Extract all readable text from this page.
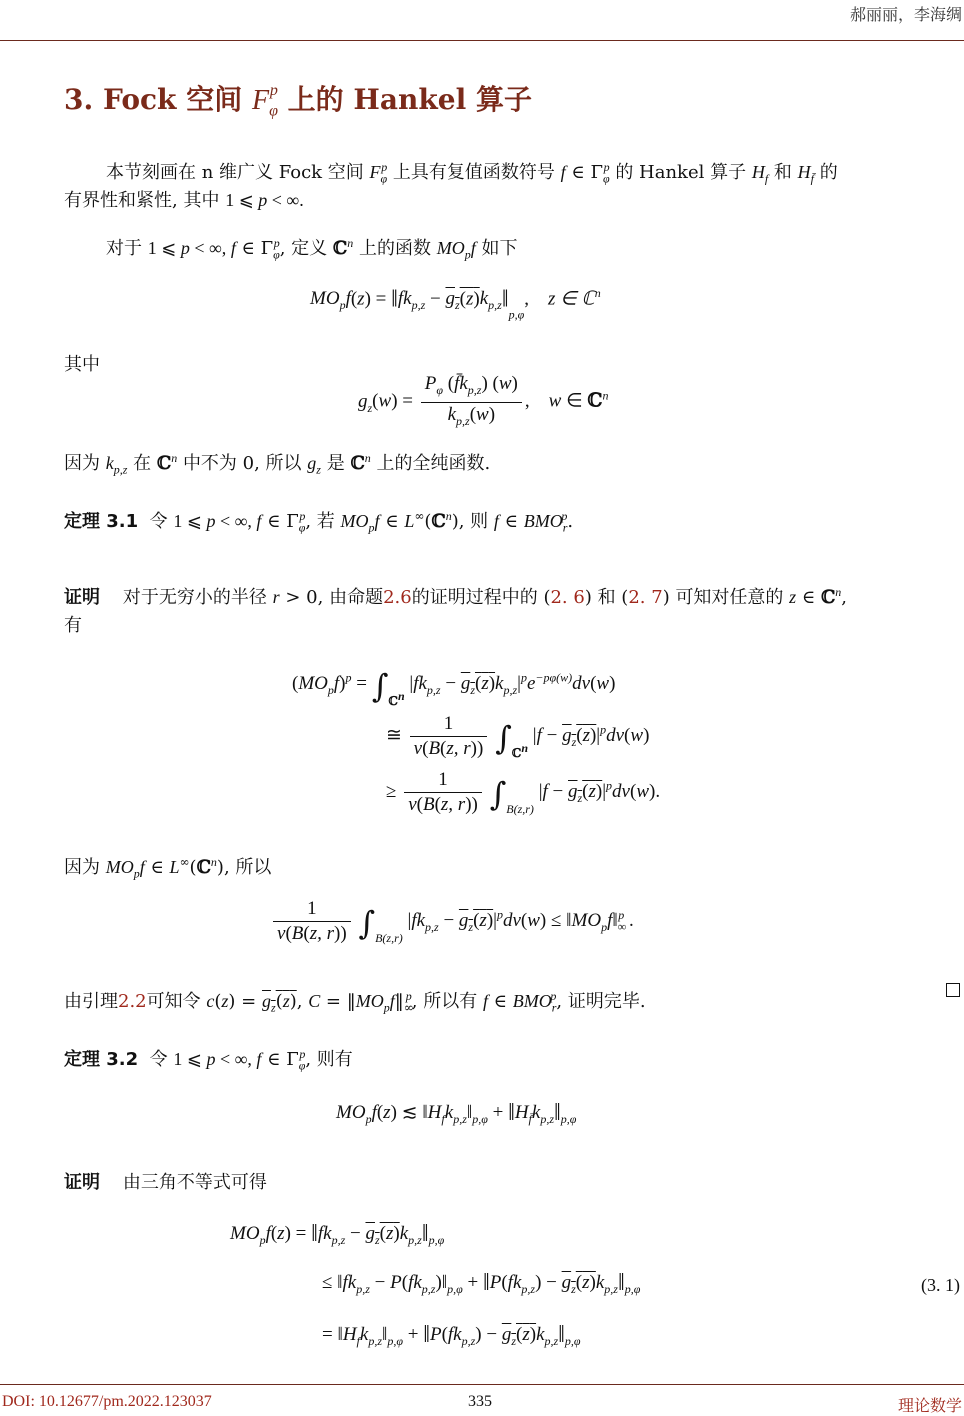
郝丽丽，李海绸
3. Fock 空间 $F_\varphi^p$ 上的 Hankel 算子
本节刻画在 n 维广义 Fock 空间 $F_\varphi^p$ 上具有复值函数符号 f ∈ $\Gamma_\varphi^p$ 的 Hankel 算子 $H_f$ 和 $H_{f̄}$ 的
有界性和紧性, 其中 1 ⩽ p < ∞.
对于 1 ⩽ p < ∞, f ∈ $\Gamma_\varphi^p$, 定义 ℂ$^n$ 上的函数 $MO_pf$ 如下
$MO_pf(z)$ = $‖fk_{p,z}$ − $g_z(z)k_{p,z}‖_{p,\varphi}$,    z ∈ ℂ$^n$
其中
$g_z(w) = \frac{P_\varphi (f̄k_{p,z}) (w)}{k_{p,z}(w)}$ ,    w ∈ ℂ$^n$
因为 $k_{p,z}$ 在 ℂ$^n$ 中不为 0, 所以 $g_z$ 是 ℂ$^n$ 上的全纯函数.
定理 3.1 令 1 ⩽ p < ∞, f ∈ $\Gamma_\varphi^p$, 若 $MO_pf$ ∈ L∞(ℂ$^n$), 则 f ∈ $BMO_r^p$.
证明 对于无穷小的半径 r > 0, 由命题2.6的证明过程中的 (2. 6) 和 (2. 7) 可知对任意的 z ∈ ℂ$^n$,
有
$(MO_pf)^p = \int_{ℂ^n}$ $|fk_{p,z} - g_z(z)k_{p,z}|^pe^{-p\varphi(w)}dv(w)$
≅ $\frac{1}{v(B(z, r))} \int_{ℂ^n}$ $|f - g_z(z)|^pdv(w)$
≥ $\frac{1}{v(B(z, r))} \int_{B(z,r)}$ $|f - g_z(z)|^pdv(w)$.
因为 $MO_pf$ ∈ L∞(ℂ$^n$), 所以
$\frac{1}{v(B(z, r))} \int_{B(z,r)}$ $|fk_{p,z} - g_z(z)|^pdv(w)$ ≤ $‖MO_pf‖_\infty^p$ .
由引理2.2可知令 $c(z) = g_z(z)$, $C = ‖MO_pf‖_\infty^p$, 所以有 f ∈ $BMO_r^p$, 证明完毕.
定理 3.2 令 1 ⩽ p < ∞, f ∈ $\Gamma_\varphi^p$, 则有
$MO_pf(z)$ ≲ $‖H_fk_{p,z}‖_{p,\varphi}$ + $‖H_{f̄}k_{p,z}‖_{p,\varphi}$
证明 由三角不等式可得
$MO_pf(z)$ = $‖fk_{p,z}$ − $g_z(z)k_{p,z}‖_{p,\varphi}$
≤ $‖fk_{p,z}$ − $P(fk_{p,z})‖_{p,\varphi}$ + $‖P(fk_{p,z})$ − $g_z(z)k_{p,z}‖_{p,\varphi}$	(3. 1)
= $‖H_fk_{p,z}‖_{p,\varphi}$ + $‖P(fk_{p,z})$ − $g_z(z)k_{p,z}‖_{p,\varphi}$
DOI: 10.12677/pm.2022.123037	335	理论数学
